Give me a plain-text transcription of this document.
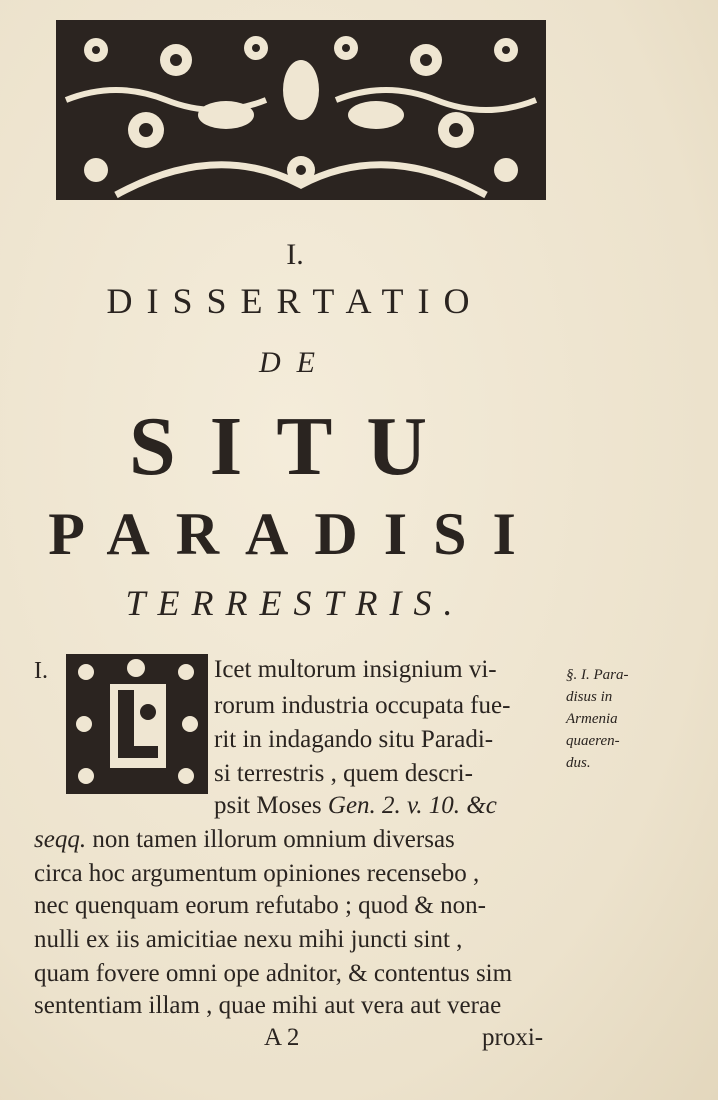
I.
DISSERTATIO
DE
SITU
PARADISI
TERRESTRIS.
I.	Icet multorum insignium vi-
rorum industria occupata fue-
rit in indagando situ Paradi-
si terrestris , quem descri-
psit Moses Gen. 2. v. 10. &c
seqq. non tamen illorum omnium diversas
circa hoc argumentum opiniones recensebo ,
nec quenquam eorum refutabo ; quod & non-
nulli ex iis amicitiae nexu mihi juncti sint ,
quam fovere omni ope adnitor, & contentus sim
sententiam illam , quae mihi aut vera aut verae
§. I. Para-
disus in
Armenia
quaeren-
dus.
A 2	proxi-
